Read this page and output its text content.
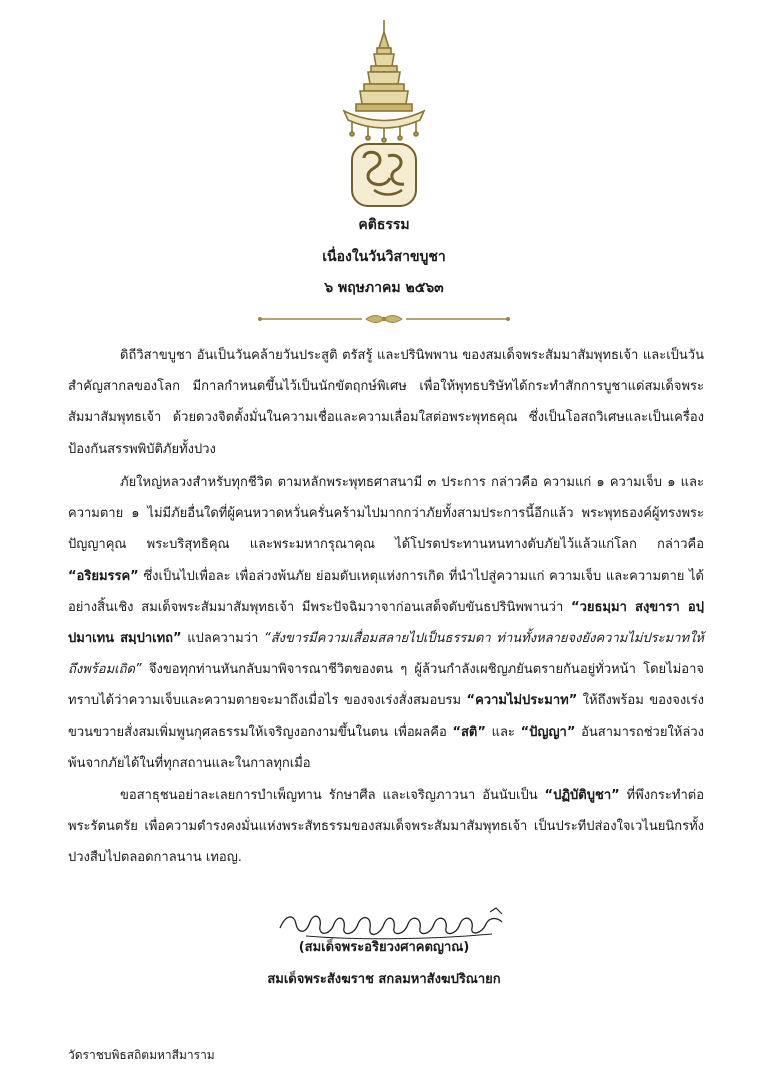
คติธรรม
เนื่องในวันวิสาขบูชา
๖ พฤษภาคม ๒๕๖๓
ดิถีวิสาขบูชา อันเป็นวันคล้ายวันประสูติ ตรัสรู้ และปรินิพพาน ของสมเด็จพระสัมมาสัมพุทธเจ้า และเป็นวันสำคัญสากลของโลก มีกาลกำหนดขึ้นไว้เป็นนักขัตฤกษ์พิเศษ เพื่อให้พุทธบริษัทได้กระทำสักการบูชาแด่สมเด็จพระสัมมาสัมพุทธเจ้า ด้วยดวงจิตตั้งมั่นในความเชื่อและความเลื่อมใสต่อพระพุทธคุณ ซึ่งเป็นโอสถวิเศษและเป็นเครื่องป้องกันสรรพพิบัติภัยทั้งปวง
ภัยใหญ่หลวงสำหรับทุกชีวิต ตามหลักพระพุทธศาสนามี ๓ ประการ กล่าวคือ ความแก่ ๑ ความเจ็บ ๑ และความตาย ๑ ไม่มีภัยอื่นใดที่ผู้คนหวาดหวั่นครั่นคร้ามไปมากกว่าภัยทั้งสามประการนี้อีกแล้ว พระพุทธองค์ผู้ทรงพระปัญญาคุณ พระบริสุทธิคุณ และพระมหากรุณาคุณ ได้โปรดประทานหนทางดับภัยไว้แล้วแก่โลก กล่าวคือ “อริยมรรค” ซึ่งเป็นไปเพื่อละ เพื่อล่วงพ้นภัย ย่อมดับเหตุแห่งการเกิด ที่นำไปสู่ความแก่ ความเจ็บ และความตาย ได้อย่างสิ้นเชิง สมเด็จพระสัมมาสัมพุทธเจ้า มีพระปัจฉิมวาจาก่อนเสด็จดับขันธปรินิพพานว่า “วยธมฺมา สงฺขารา อปฺปมาเทน สมฺปาเทถ” แปลความว่า “สังขารมีความเสื่อมสลายไปเป็นธรรมดา ท่านทั้งหลายจงยังความไม่ประมาทให้ถึงพร้อมเถิด” จึงขอทุกท่านหันกลับมาพิจารณาชีวิตของตน ๆ ผู้ล้วนกำลังเผชิญภยันตรายกันอยู่ทั่วหน้า โดยไม่อาจทราบได้ว่าความเจ็บและความตายจะมาถึงเมื่อไร ของจงเร่งสั่งสมอบรม “ความไม่ประมาท” ให้ถึงพร้อม ของจงเร่งขวนขวายสั่งสมเพิ่มพูนกุศลธรรมให้เจริญงอกงามขึ้นในตน เพื่อผลคือ “สติ” และ “ปัญญา” อันสามารถช่วยให้ล่วงพ้นจากภัยได้ในที่ทุกสถานและในกาลทุกเมื่อ
ขอสาธุชนอย่าละเลยการบำเพ็ญทาน รักษาศีล และเจริญภาวนา อันนับเป็น “ปฏิบัติบูชา” ที่พึงกระทำต่อพระรัตนตรัย เพื่อความดำรงคงมั่นแห่งพระสัทธรรมของสมเด็จพระสัมมาสัมพุทธเจ้า เป็นประทีปส่องใจเวไนยนิกรทั้งปวงสืบไปตลอดกาลนาน เทอญ.
(สมเด็จพระอริยวงศาคตญาณ)
สมเด็จพระสังฆราช สกลมหาสังฆปริณายก
วัดราชบพิธสถิตมหาสีมาราม
